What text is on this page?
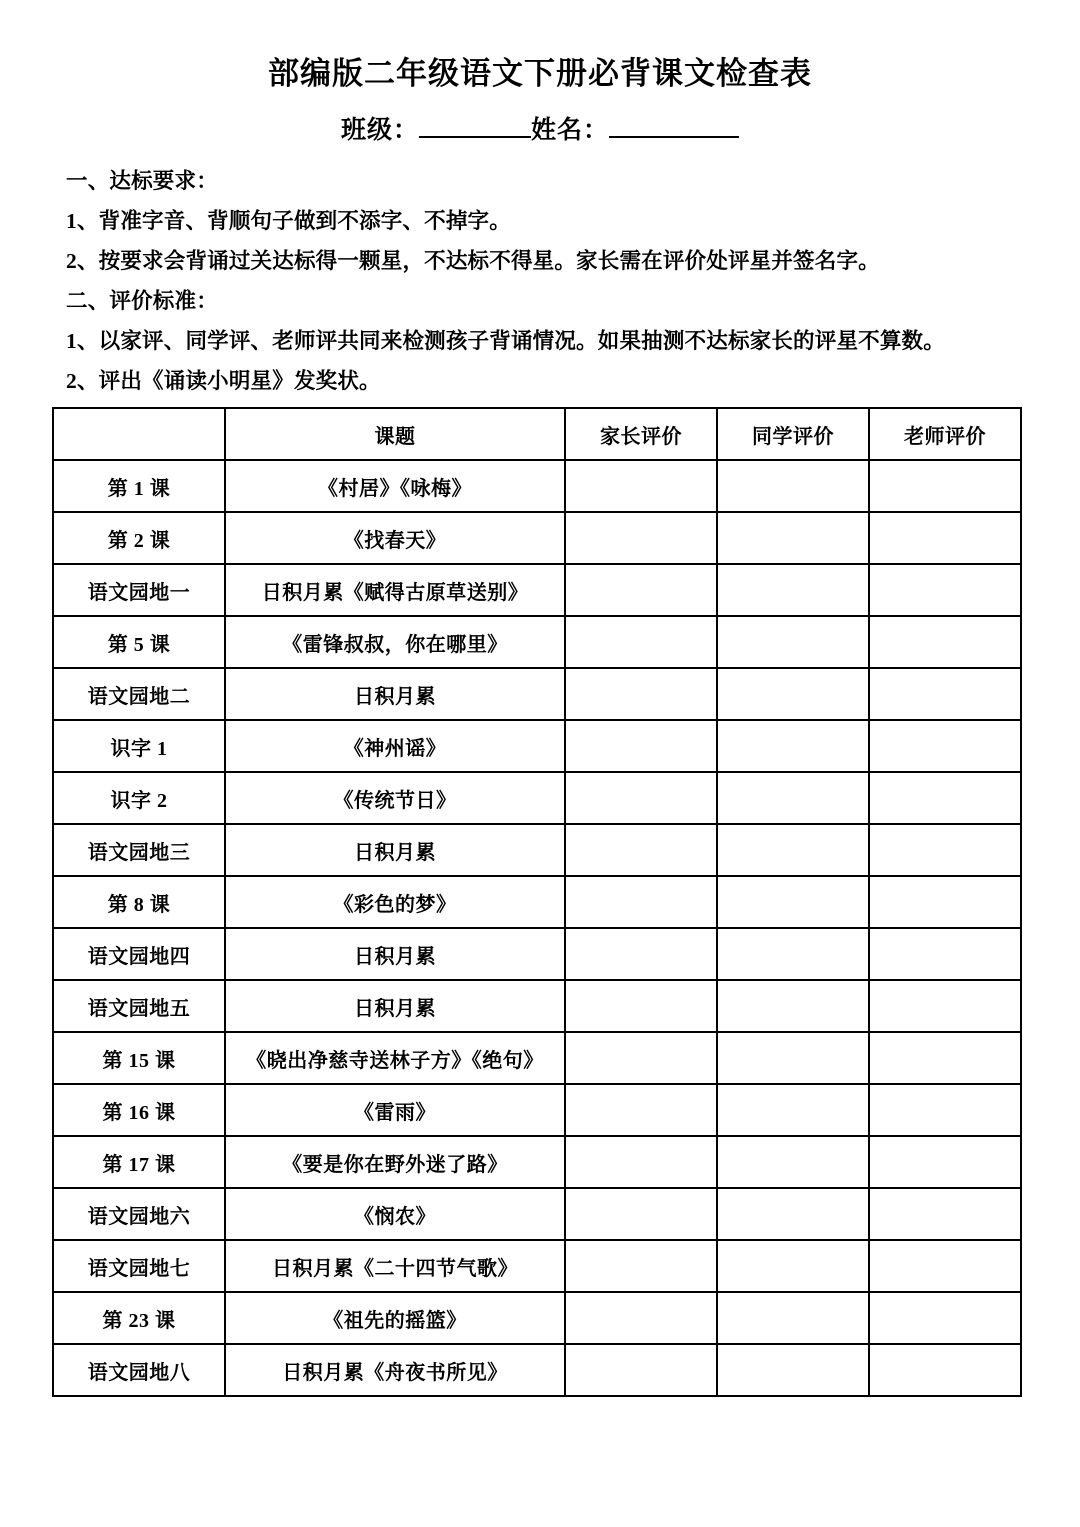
部编版二年级语文下册必背课文检查表
班级：	姓名：

一、达标要求：

1、背准字音、背顺句子做到不添字、不掉字。

2、按要求会背诵过关达标得一颗星，不达标不得星。家长需在评价处评星并签名字。

二、评价标准：

1、以家评、同学评、老师评共同来检测孩子背诵情况。如果抽测不达标家长的评星不算数。

2、评出《诵读小明星》发奖状。

	课题	家长评价	同学评价	老师评价
第 1 课	《村居》《咏梅》			
第 2 课	《找春天》			
语文园地一	日积月累《赋得古原草送别》			
第 5 课	《雷锋叔叔，你在哪里》			
语文园地二	日积月累			
识字 1	《神州谣》			
识字 2	《传统节日》			
语文园地三	日积月累			
第 8 课	《彩色的梦》			
语文园地四	日积月累			
语文园地五	日积月累			
第 15 课	《晓出净慈寺送林子方》《绝句》			
第 16 课	《雷雨》			
第 17 课	《要是你在野外迷了路》			
语文园地六	《悯农》			
语文园地七	日积月累《二十四节气歌》			
第 23 课	《祖先的摇篮》			
语文园地八	日积月累《舟夜书所见》			
